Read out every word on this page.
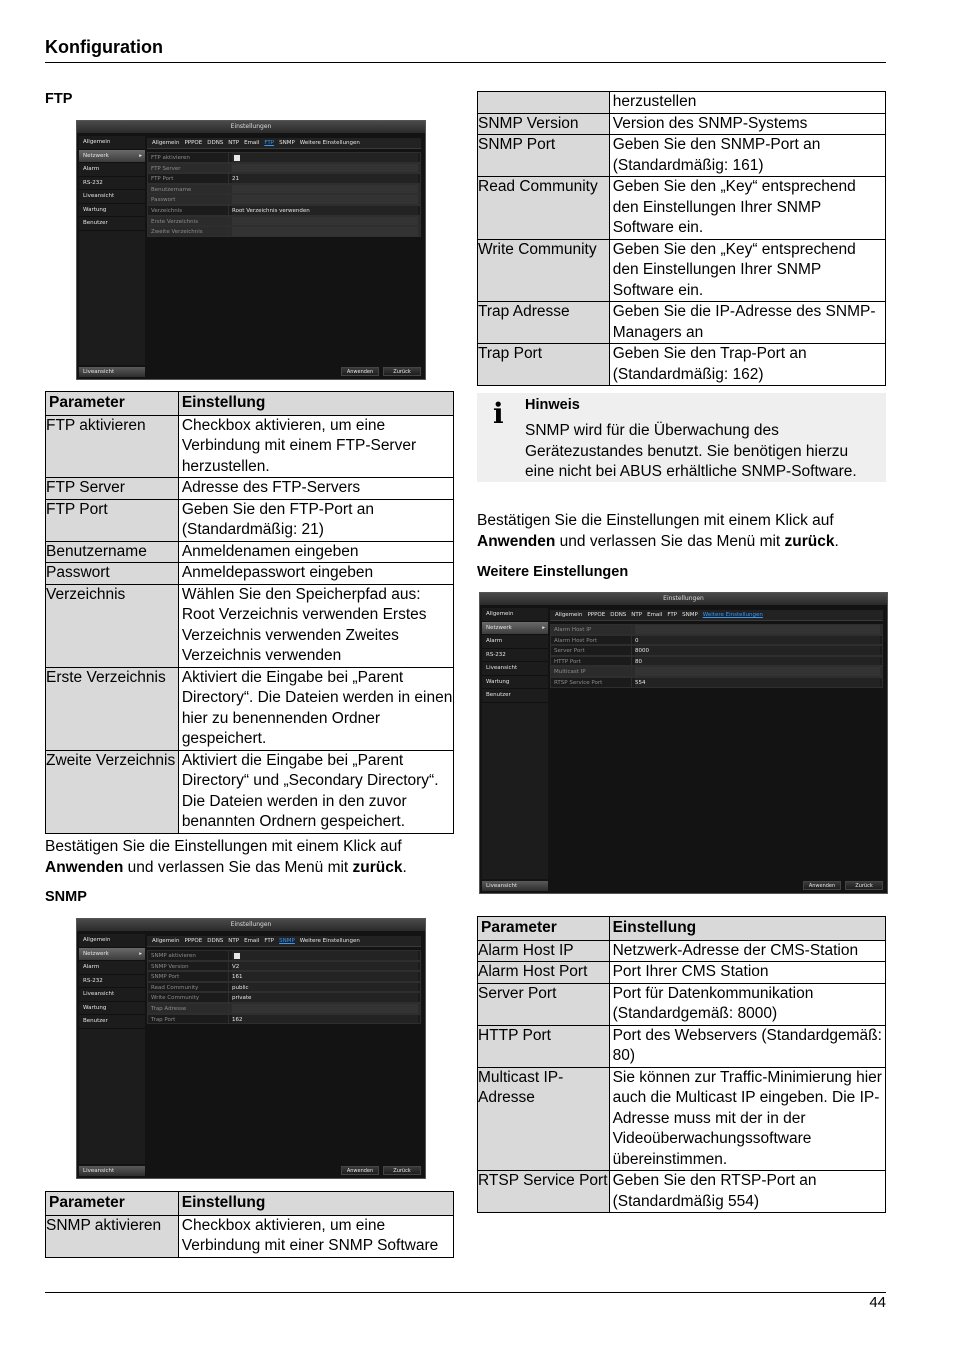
Konfiguration
44
FTP
Einstellungen
Allgemein
Netzwerk ▸
Alarm
RS-232
Liveansicht
Wartung
Benutzer
Allgemein PPPOE DDNS NTP Email FTP SNMP Weitere Einstellungen
FTP aktivieren
FTP Server
FTP Port	21
Benutzername
Passwort
Verzeichnis	Root Verzeichnis verwenden
Erste Verzeichnis
Zweite Verzeichnis
Liveansicht	Anwenden	Zurück
Parameter	Einstellung
FTP aktivieren	Checkbox aktivieren, um eine Verbindung mit einem FTP-Server herzustellen.
FTP Server	Adresse des FTP-Servers
FTP Port	Geben Sie den FTP-Port an (Standardmäßig: 21)
Benutzername	Anmeldenamen eingeben
Passwort	Anmeldepasswort eingeben
Verzeichnis	Wählen Sie den Speicherpfad aus: Root Verzeichnis verwenden Erstes Verzeichnis verwenden Zweites Verzeichnis verwenden
Erste Verzeichnis	Aktiviert die Eingabe bei „Parent Directory“. Die Dateien werden in einen hier zu benennenden Ordner gespeichert.
Zweite Verzeichnis	Aktiviert die Eingabe bei „Parent Directory“ und „Secondary Directory“. Die Dateien werden in den zuvor benannten Ordnern gespeichert.
Bestätigen Sie die Einstellungen mit einem Klick auf Anwenden und verlassen Sie das Menü mit zurück.
SNMP
Einstellungen
Allgemein
Netzwerk ▸
Alarm
RS-232
Liveansicht
Wartung
Benutzer
Allgemein PPPOE DDNS NTP Email FTP SNMP Weitere Einstellungen
SNMP aktivieren
SNMP Version	V2
SNMP Port	161
Read Community	public
Write Community	private
Trap Adresse
Trap Port	162
Liveansicht	Anwenden	Zurück
Parameter	Einstellung
SNMP aktivieren	Checkbox aktivieren, um eine Verbindung mit einer SNMP Software
	herzustellen
SNMP Version	Version des SNMP-Systems
SNMP Port	Geben Sie den SNMP-Port an (Standardmäßig: 161)
Read Community	Geben Sie den „Key“ entsprechend den Einstellungen Ihrer SNMP Software ein.
Write Community	Geben Sie den „Key“ entsprechend den Einstellungen Ihrer SNMP Software ein.
Trap Adresse	Geben Sie die IP-Adresse des SNMP-Managers an
Trap Port	Geben Sie den Trap-Port an (Standardmäßig: 162)
i Hinweis
SNMP wird für die Überwachung des Gerätezustandes benutzt. Sie benötigen hierzu eine nicht bei ABUS erhältliche SNMP-Software.
Bestätigen Sie die Einstellungen mit einem Klick auf Anwenden und verlassen Sie das Menü mit zurück.
Weitere Einstellungen
Einstellungen
Allgemein
Netzwerk ▸
Alarm
RS-232
Liveansicht
Wartung
Benutzer
Allgemein PPPOE DDNS NTP Email FTP SNMP Weitere Einstellungen
Alarm Host IP
Alarm Host Port	0
Server Port	8000
HTTP Port	80
Multicast IP
RTSP Service Port	554
Liveansicht	Anwenden	Zurück
Parameter	Einstellung
Alarm Host IP	Netzwerk-Adresse der CMS-Station
Alarm Host Port	Port Ihrer CMS Station
Server Port	Port für Datenkommunikation (Standardgemäß: 8000)
HTTP Port	Port des Webservers (Standardgemäß: 80)
Multicast IP-Adresse	Sie können zur Traffic-Minimierung hier auch die Multicast IP eingeben. Die IP-Adresse muss mit der in der Videoüberwachungssoftware übereinstimmen.
RTSP Service Port	Geben Sie den RTSP-Port an (Standardmäßig 554)
